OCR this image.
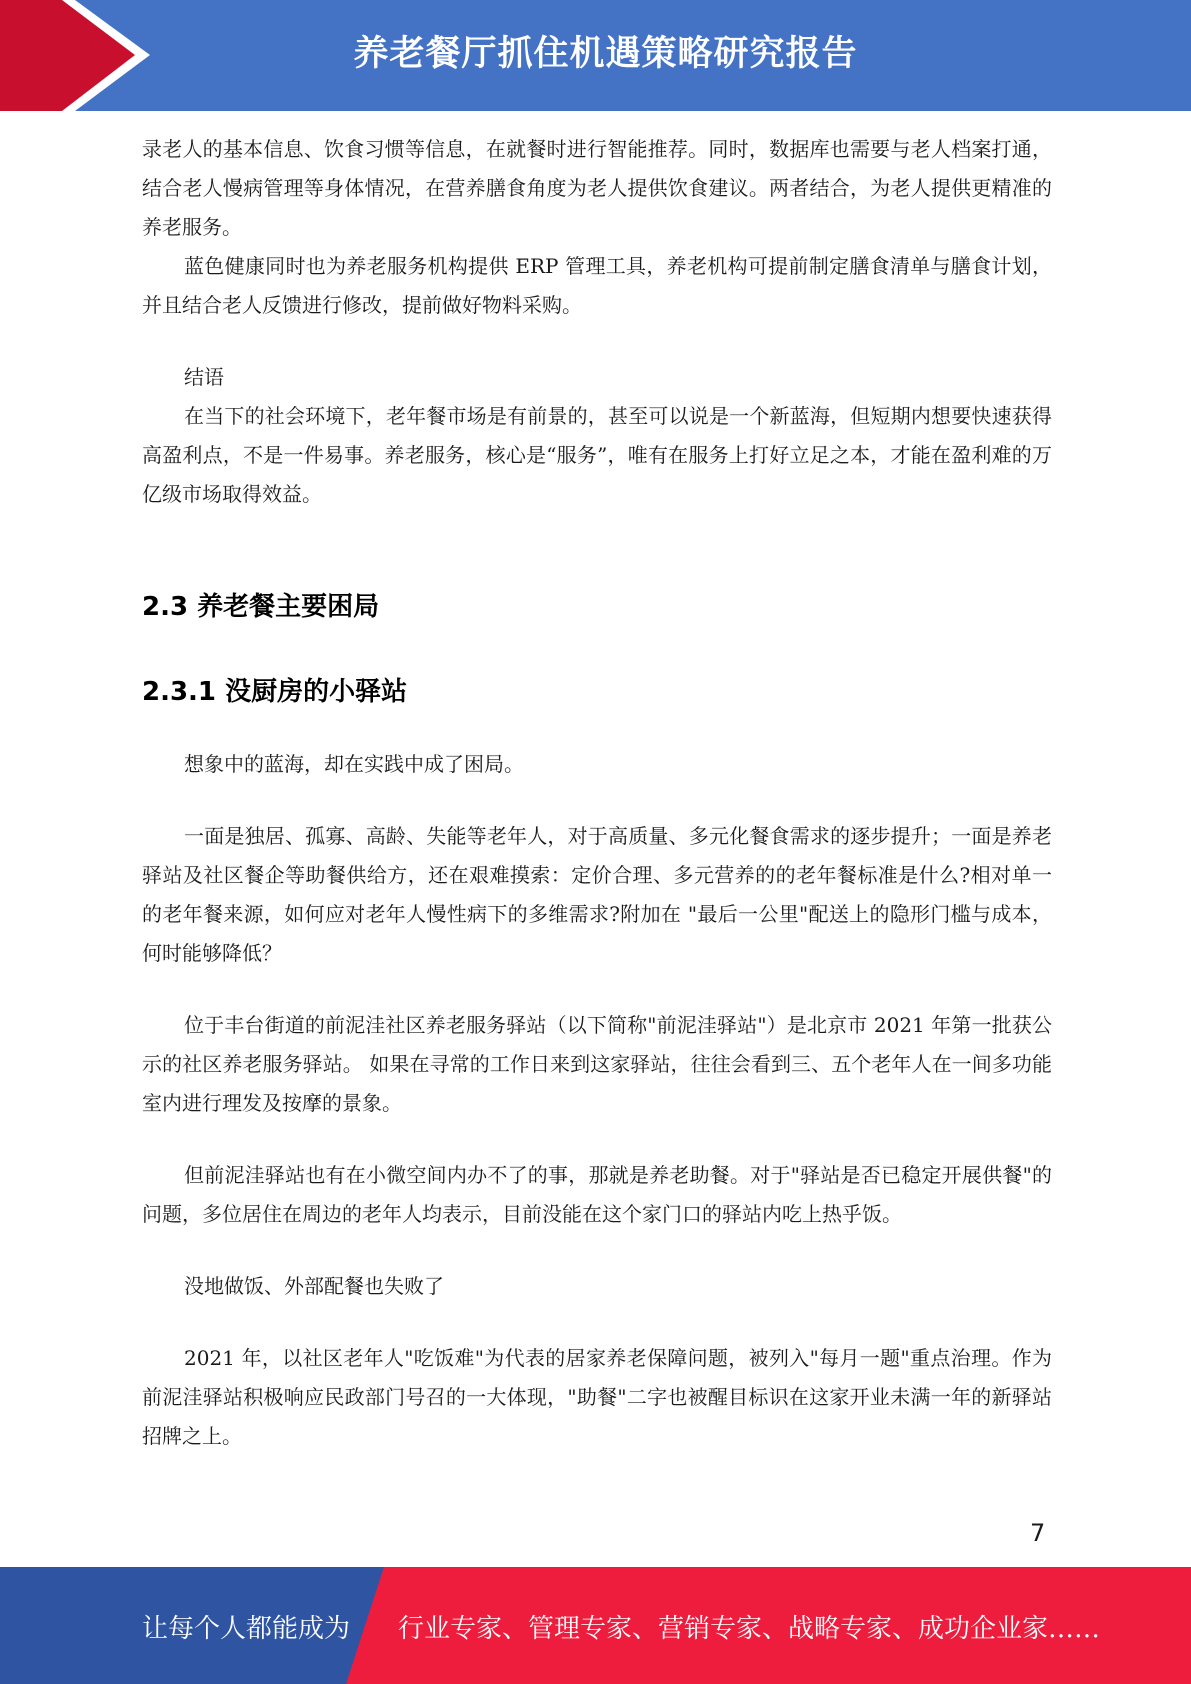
养老餐厅抓住机遇策略研究报告

录老人的基本信息、饮食习惯等信息，在就餐时进行智能推荐。同时，数据库也需要与老人档案打通，结合老人慢病管理等身体情况，在营养膳食角度为老人提供饮食建议。两者结合，为老人提供更精准的养老服务。

蓝色健康同时也为养老服务机构提供 ERP 管理工具，养老机构可提前制定膳食清单与膳食计划，并且结合老人反馈进行修改，提前做好物料采购。

结语

在当下的社会环境下，老年餐市场是有前景的，甚至可以说是一个新蓝海，但短期内想要快速获得高盈利点，不是一件易事。养老服务，核心是“服务”，唯有在服务上打好立足之本，才能在盈利难的万亿级市场取得效益。

2.3 养老餐主要困局
2.3.1 没厨房的小驿站

想象中的蓝海，却在实践中成了困局。

一面是独居、孤寡、高龄、失能等老年人，对于高质量、多元化餐食需求的逐步提升；一面是养老驿站及社区餐企等助餐供给方，还在艰难摸索：定价合理、多元营养的的老年餐标准是什么?相对单一的老年餐来源，如何应对老年人慢性病下的多维需求?附加在 "最后一公里"配送上的隐形门槛与成本，何时能够降低？

位于丰台街道的前泥洼社区养老服务驿站（以下简称"前泥洼驿站"）是北京市 2021 年第一批获公示的社区养老服务驿站。 如果在寻常的工作日来到这家驿站，往往会看到三、五个老年人在一间多功能室内进行理发及按摩的景象。

但前泥洼驿站也有在小微空间内办不了的事，那就是养老助餐。对于"驿站是否已稳定开展供餐"的问题，多位居住在周边的老年人均表示，目前没能在这个家门口的驿站内吃上热乎饭。

没地做饭、外部配餐也失败了

2021 年，以社区老年人"吃饭难"为代表的居家养老保障问题，被列入"每月一题"重点治理。作为前泥洼驿站积极响应民政部门号召的一大体现，"助餐"二字也被醒目标识在这家开业未满一年的新驿站招牌之上。

7
让每个人都能成为 行业专家、管理专家、营销专家、战略专家、成功企业家……
